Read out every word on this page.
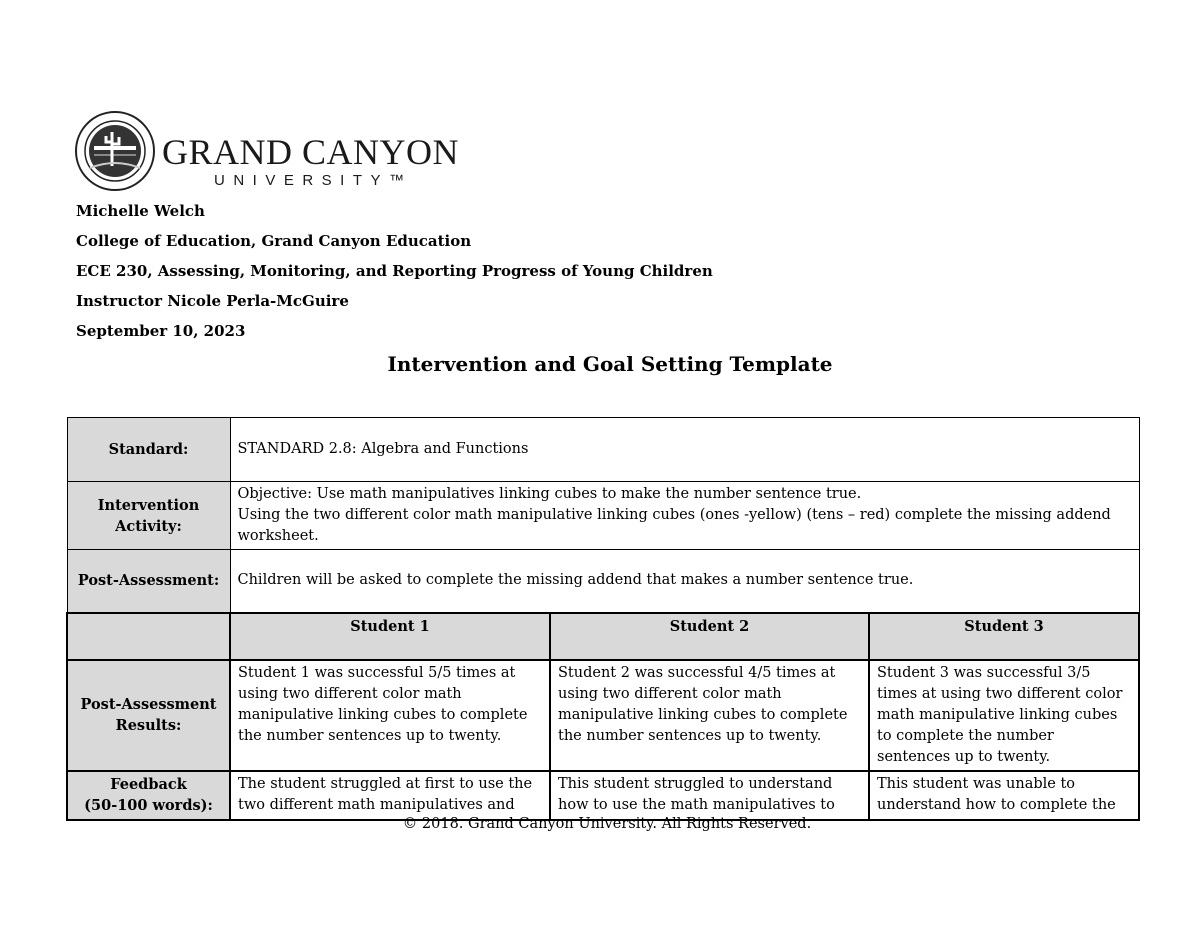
GRAND CANYON
UNIVERSITY™
Michelle Welch
College of Education, Grand Canyon Education
ECE 230, Assessing, Monitoring, and Reporting Progress of Young Children
Instructor Nicole Perla-McGuire
September 10, 2023
Intervention and Goal Setting Template
Standard:	STANDARD 2.8: Algebra and Functions		
Intervention Activity:	Objective: Use math manipulatives linking cubes to make the number sentence true.
Using the two different color math manipulative linking cubes (ones -yellow) (tens – red) complete the missing addend worksheet.		

Post-Assessment:	Children will be asked to complete the missing addend that makes a number sentence true.		
	Student 1	Student 2	Student 3
Post-Assessment Results:	Student 1 was successful 5/5 times at using two different color math manipulative linking cubes to complete the number sentences up to twenty.	Student 2 was successful 4/5 times at using two different color math manipulative linking cubes to complete the number sentences up to twenty.	Student 3 was successful 3/5 times at using two different color math manipulative linking cubes to complete the number sentences up to twenty.

Feedback
(50-100 words):	The student struggled at first to use the two different math manipulatives and	This student struggled to understand how to use the math manipulatives to	This student was unable to understand how to complete the
© 2018. Grand Canyon University. All Rights Reserved.
